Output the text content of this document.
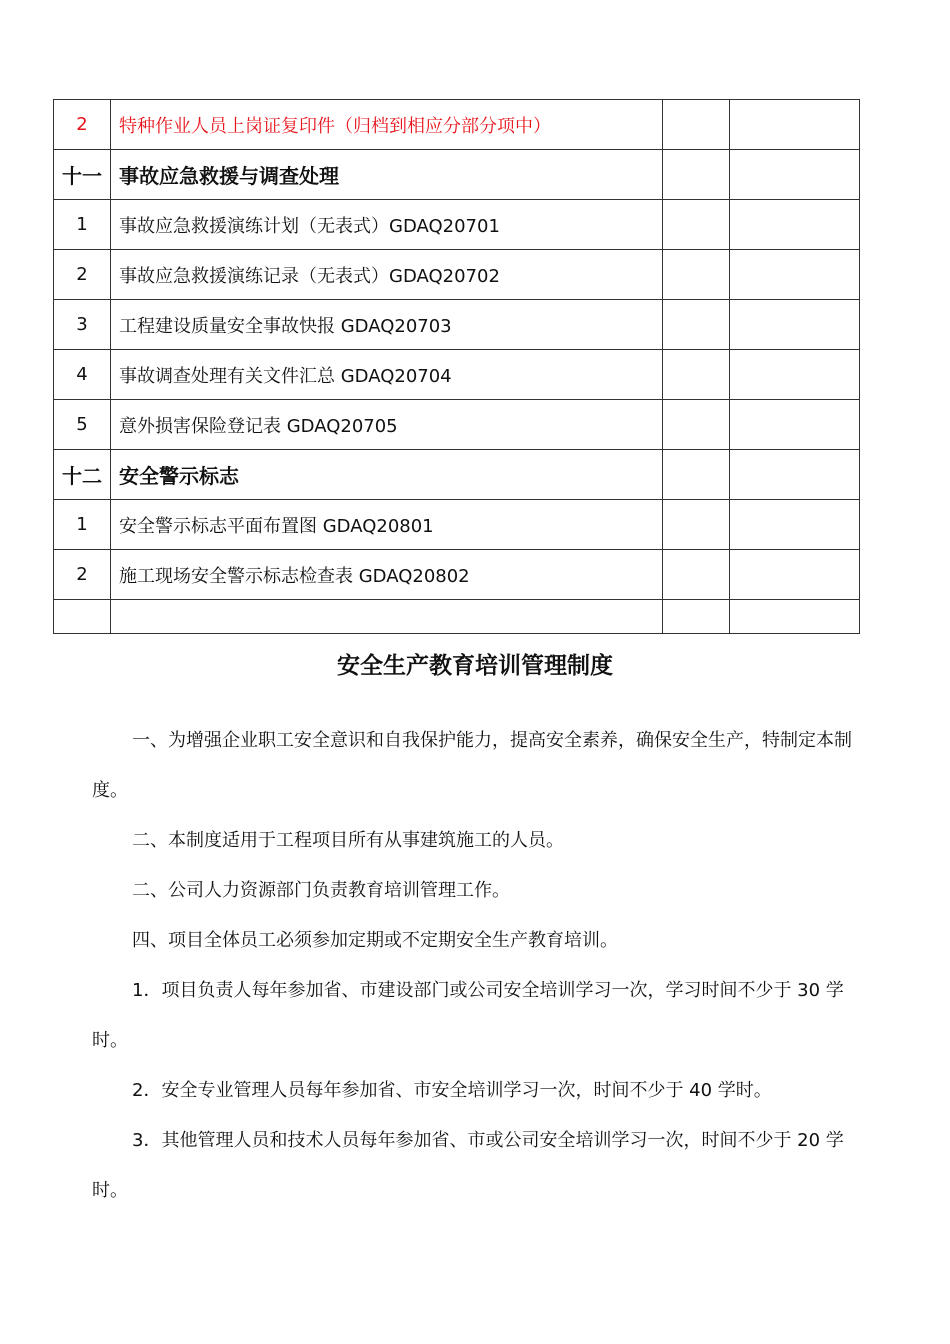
2	特种作业人员上岗证复印件（归档到相应分部分项中）		
十一	事故应急救援与调查处理		
1	事故应急救援演练计划（无表式）GDAQ20701		
2	事故应急救援演练记录（无表式）GDAQ20702		
3	工程建设质量安全事故快报 GDAQ20703		
4	事故调查处理有关文件汇总 GDAQ20704		
5	意外损害保险登记表 GDAQ20705		
十二	安全警示标志		
1	安全警示标志平面布置图 GDAQ20801		
2	施工现场安全警示标志检查表 GDAQ20802		

安全生产教育培训管理制度

一、为增强企业职工安全意识和自我保护能力，提高安全素养，确保安全生产，特制定本制度。

二、本制度适用于工程项目所有从事建筑施工的人员。

二、公司人力资源部门负责教育培训管理工作。

四、项目全体员工必须参加定期或不定期安全生产教育培训。

1．项目负责人每年参加省、市建设部门或公司安全培训学习一次，学习时间不少于 30 学时。

2．安全专业管理人员每年参加省、市安全培训学习一次，时间不少于 40 学时。

3．其他管理人员和技术人员每年参加省、市或公司安全培训学习一次，时间不少于 20 学时。
